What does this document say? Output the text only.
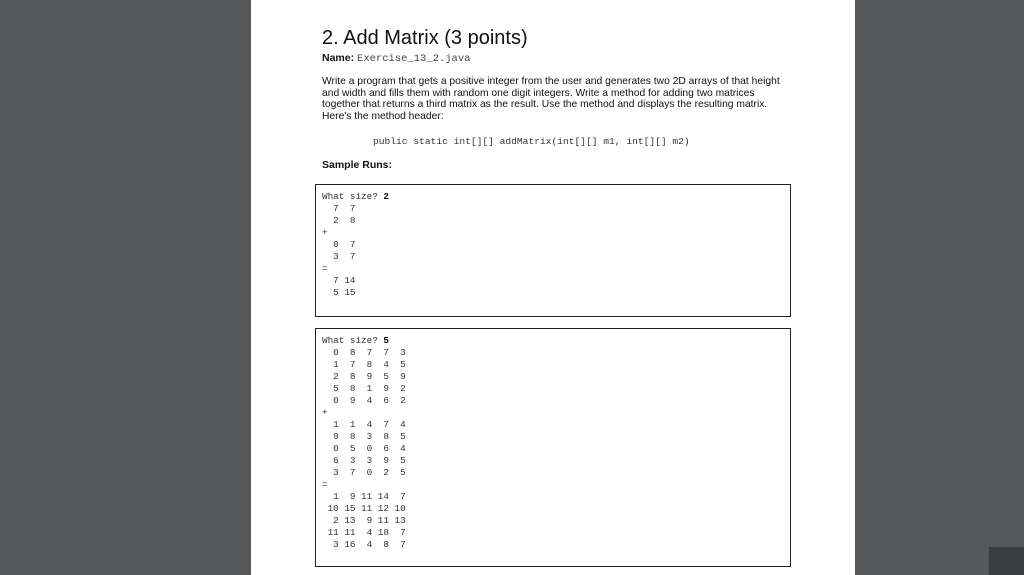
2. Add Matrix (3 points)
Name: Exercise_13_2.java
Write a program that gets a positive integer from the user and generates two 2D arrays of that height and width and fills them with random one digit integers. Write a method for adding two matrices together that returns a third matrix as the result. Use the method and displays the resulting matrix. Here's the method header:
public static int[][] addMatrix(int[][] m1, int[][] m2)
Sample Runs:
What size? 2
7  7
2  8
+
0  7
3  7
=
7 14
5 15
What size? 5
0  8  7  7  3
1  7  8  4  5
2  8  9  5  9
5  8  1  9  2
0  9  4  6  2
+
1  1  4  7  4
9  8  3  8  5
0  5  0  6  4
6  3  3  9  5
3  7  0  2  5
=
1  9 11 14  7
10 15 11 12 10
2 13  9 11 13
11 11  4 18  7
3 16  4  8  7
